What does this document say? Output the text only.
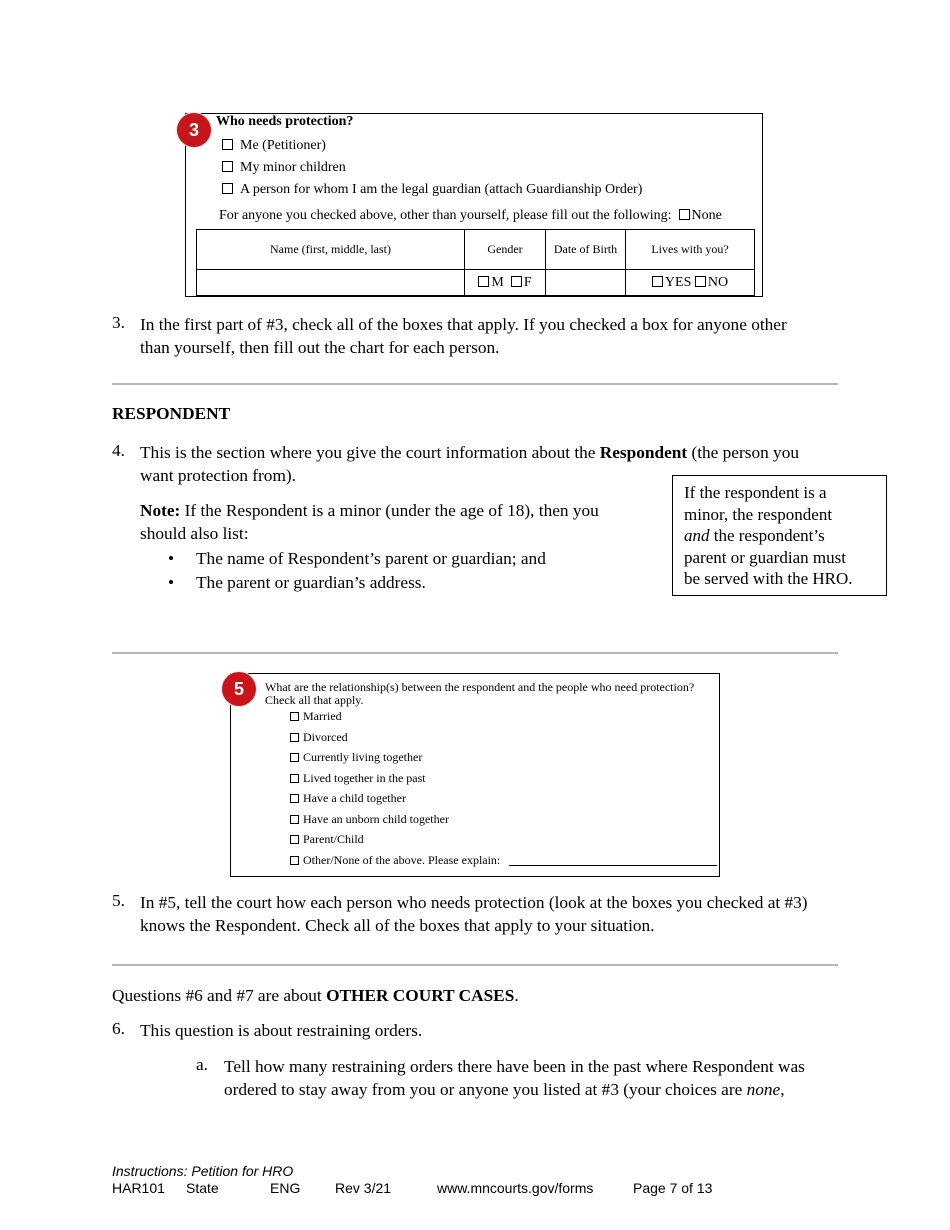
3	Who needs protection?
Me (Petitioner)
My minor children
A person for whom I am the legal guardian (attach Guardianship Order)
For anyone you checked above, other than yourself, please fill out the following: None
Name (first, middle, last)	Gender	Date of Birth	Lives with you?
	M F		YES NO
3. In the first part of #3, check all of the boxes that apply. If you checked a box for anyone other
than yourself, then fill out the chart for each person.
RESPONDENT
4. This is the section where you give the court information about the Respondent (the person you
want protection from).
Note: If the Respondent is a minor (under the age of 18), then you
should also list:
• The name of Respondent’s parent or guardian; and
• The parent or guardian’s address.
If the respondent is a
minor, the respondent
and the respondent’s
parent or guardian must
be served with the HRO.
5	What are the relationship(s) between the respondent and the people who need protection?
Check all that apply.
Married
Divorced
Currently living together
Lived together in the past
Have a child together
Have an unborn child together
Parent/Child
Other/None of the above. Please explain:
5. In #5, tell the court how each person who needs protection (look at the boxes you checked at #3)
knows the Respondent. Check all of the boxes that apply to your situation.
Questions #6 and #7 are about OTHER COURT CASES.
6. This question is about restraining orders.
a. Tell how many restraining orders there have been in the past where Respondent was
ordered to stay away from you or anyone you listed at #3 (your choices are none,
Instructions: Petition for HRO
HAR101 State	ENG Rev 3/21	www.mncourts.gov/forms	Page 7 of 13
